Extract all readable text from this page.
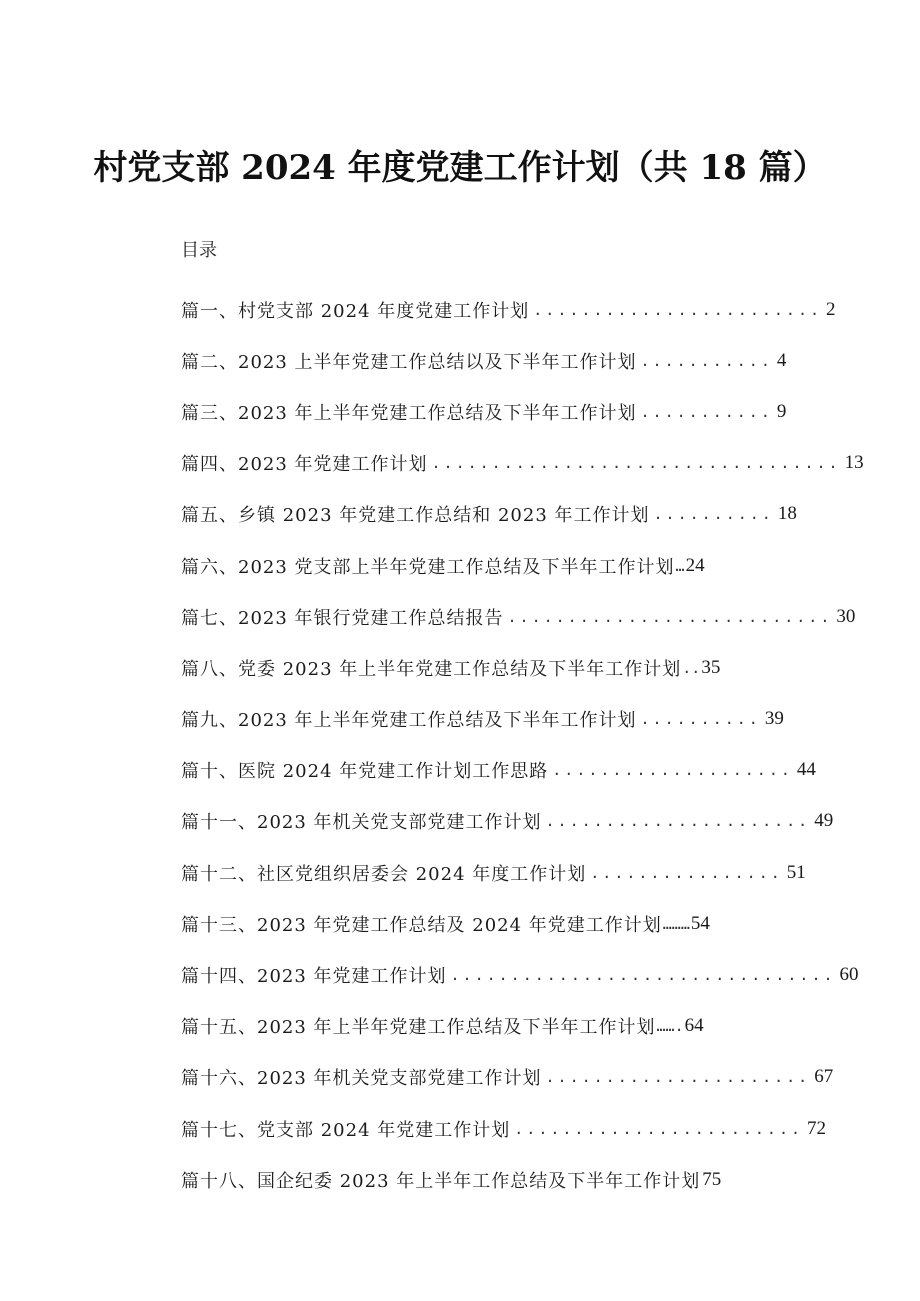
村党支部 2024 年度党建工作计划（共 18 篇）
目录
篇一、村党支部 2024 年度党建工作计划 ........................ 2
篇二、2023 上半年党建工作总结以及下半年工作计划 ........... 4
篇三、2023 年上半年党建工作总结及下半年工作计划 ........... 9
篇四、2023 年党建工作计划 .................................. 13
篇五、乡镇 2023 年党建工作总结和 2023 年工作计划 .......... 18
篇六、2023 党支部上半年党建工作总结及下半年工作计划 … 24
篇七、2023 年银行党建工作总结报告 ........................... 30
篇八、党委 2023 年上半年党建工作总结及下半年工作计划 .. 35
篇九、2023 年上半年党建工作总结及下半年工作计划 .......... 39
篇十、医院 2024 年党建工作计划工作思路 .................... 44
篇十一、2023 年机关党支部党建工作计划 ...................... 49
篇十二、社区党组织居委会 2024 年度工作计划 ................ 51
篇十三、2023 年党建工作总结及 2024 年党建工作计划 ……… 54
篇十四、2023 年党建工作计划 ................................ 60
篇十五、2023 年上半年党建工作总结及下半年工作计划 ……. 64
篇十六、2023 年机关党支部党建工作计划 ...................... 67
篇十七、党支部 2024 年党建工作计划 ........................ 72
篇十八、国企纪委 2023 年上半年工作总结及下半年工作计划 75
